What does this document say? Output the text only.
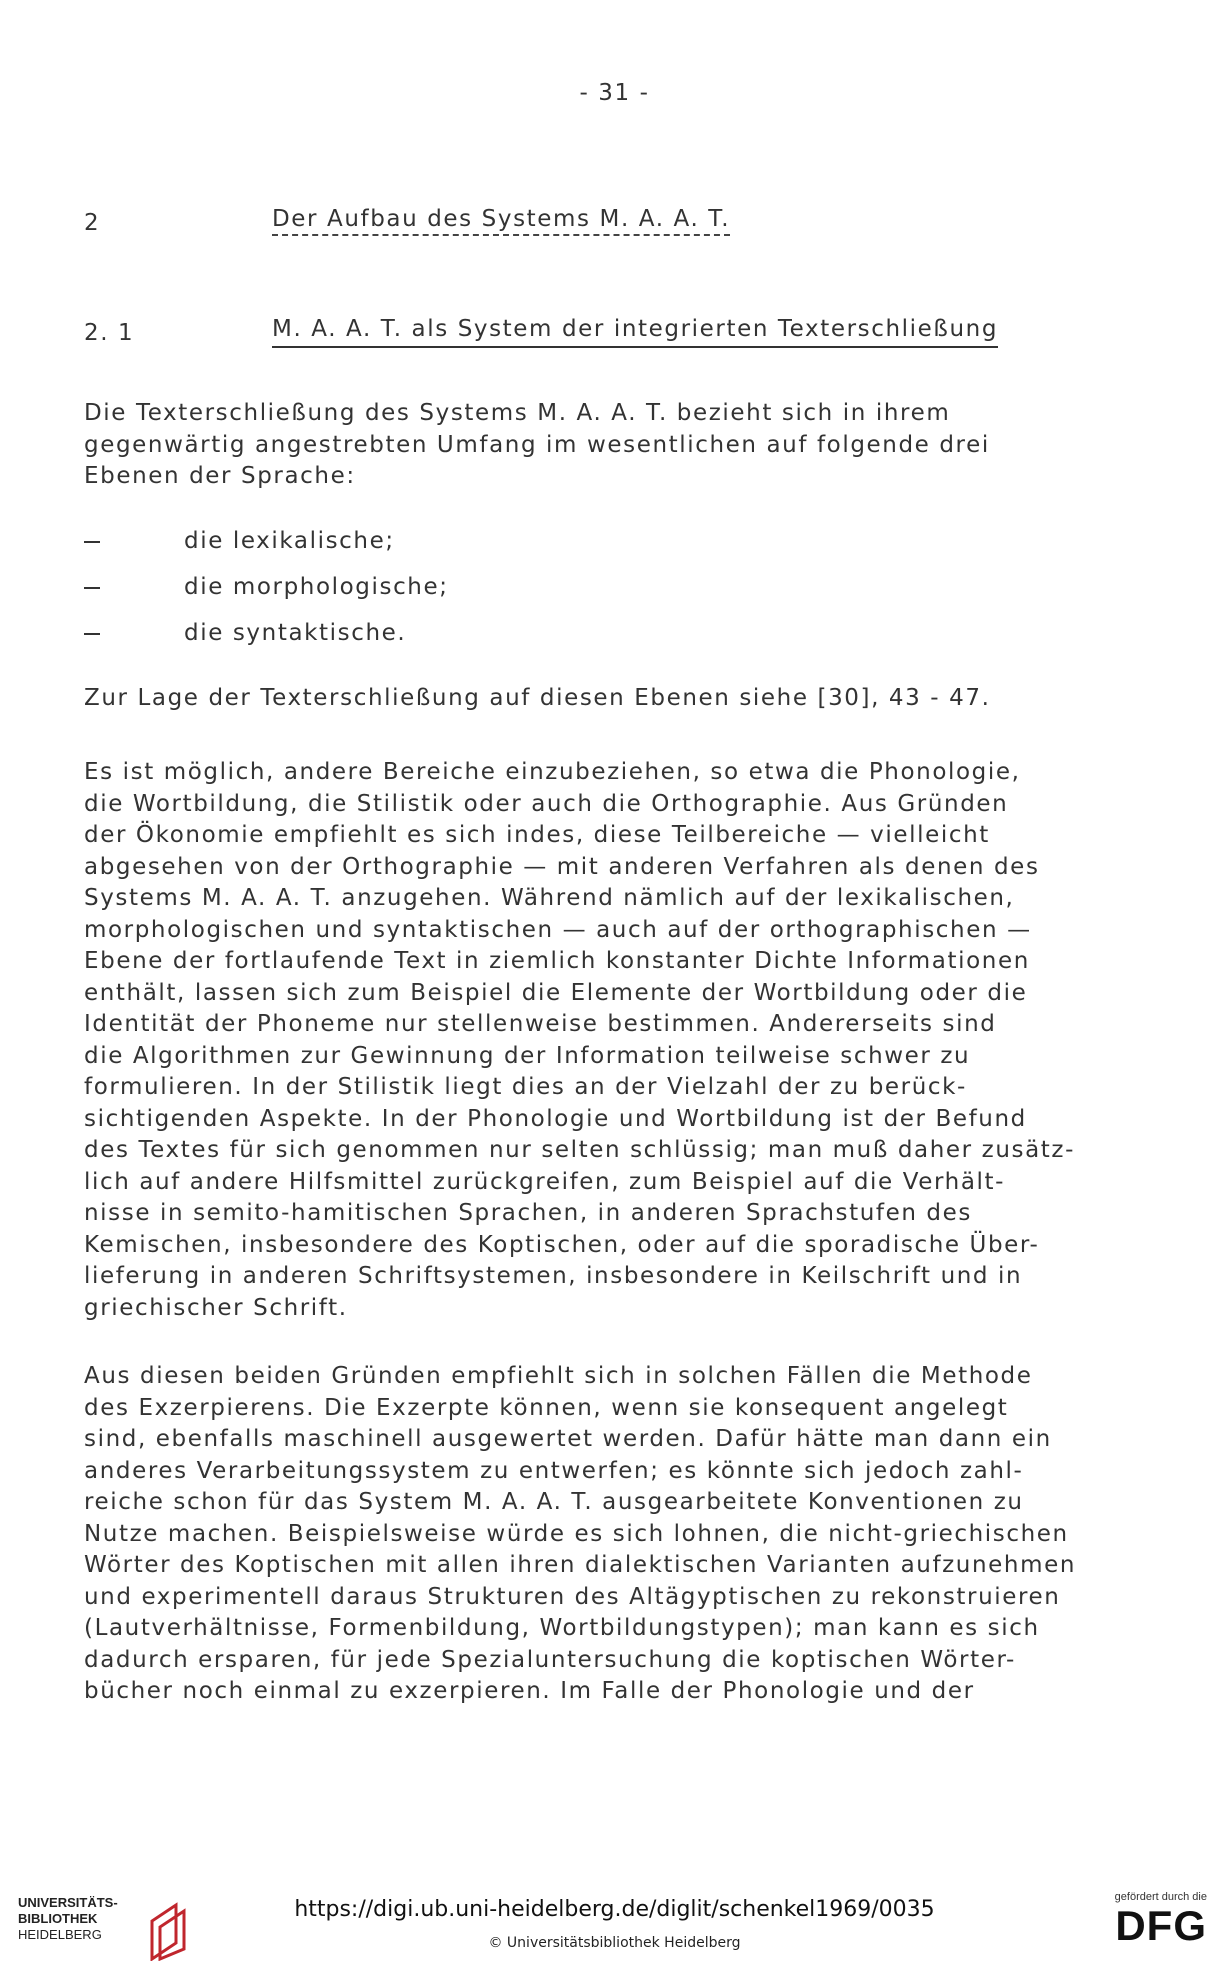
- 31 -
2	Der Aufbau des Systems M. A. A. T.
2. 1	M. A. A. T. als System der integrierten Texterschließung
Die Texterschließung des Systems M. A. A. T. bezieht sich in ihrem
gegenwärtig angestrebten Umfang im wesentlichen auf folgende drei
Ebenen der Sprache:
die lexikalische;
die morphologische;
die syntaktische.
Zur Lage der Texterschließung auf diesen Ebenen siehe [30], 43 - 47.
Es ist möglich, andere Bereiche einzubeziehen, so etwa die Phonologie,
die Wortbildung, die Stilistik oder auch die Orthographie. Aus Gründen
der Ökonomie empfiehlt es sich indes, diese Teilbereiche — vielleicht
abgesehen von der Orthographie — mit anderen Verfahren als denen des
Systems M. A. A. T. anzugehen. Während nämlich auf der lexikalischen,
morphologischen und syntaktischen — auch auf der orthographischen —
Ebene der fortlaufende Text in ziemlich konstanter Dichte Informationen
enthält, lassen sich zum Beispiel die Elemente der Wortbildung oder die
Identität der Phoneme nur stellenweise bestimmen. Andererseits sind
die Algorithmen zur Gewinnung der Information teilweise schwer zu
formulieren. In der Stilistik liegt dies an der Vielzahl der zu berück-
sichtigenden Aspekte. In der Phonologie und Wortbildung ist der Befund
des Textes für sich genommen nur selten schlüssig; man muß daher zusätz-
lich auf andere Hilfsmittel zurückgreifen, zum Beispiel auf die Verhält-
nisse in semito-hamitischen Sprachen, in anderen Sprachstufen des
Kemischen, insbesondere des Koptischen, oder auf die sporadische Über-
lieferung in anderen Schriftsystemen, insbesondere in Keilschrift und in
griechischer Schrift.
Aus diesen beiden Gründen empfiehlt sich in solchen Fällen die Methode
des Exzerpierens. Die Exzerpte können, wenn sie konsequent angelegt
sind, ebenfalls maschinell ausgewertet werden. Dafür hätte man dann ein
anderes Verarbeitungssystem zu entwerfen; es könnte sich jedoch zahl-
reiche schon für das System M. A. A. T. ausgearbeitete Konventionen zu
Nutze machen. Beispielsweise würde es sich lohnen, die nicht-griechischen
Wörter des Koptischen mit allen ihren dialektischen Varianten aufzunehmen
und experimentell daraus Strukturen des Altägyptischen zu rekonstruieren
(Lautverhältnisse, Formenbildung, Wortbildungstypen); man kann es sich
dadurch ersparen, für jede Spezialuntersuchung die koptischen Wörter-
bücher noch einmal zu exzerpieren. Im Falle der Phonologie und der
UNIVERSITÄTS-
BIBLIOTHEK
HEIDELBERG
https://digi.ub.uni-heidelberg.de/diglit/schenkel1969/0035
© Universitätsbibliothek Heidelberg
gefördert durch die
DFG
